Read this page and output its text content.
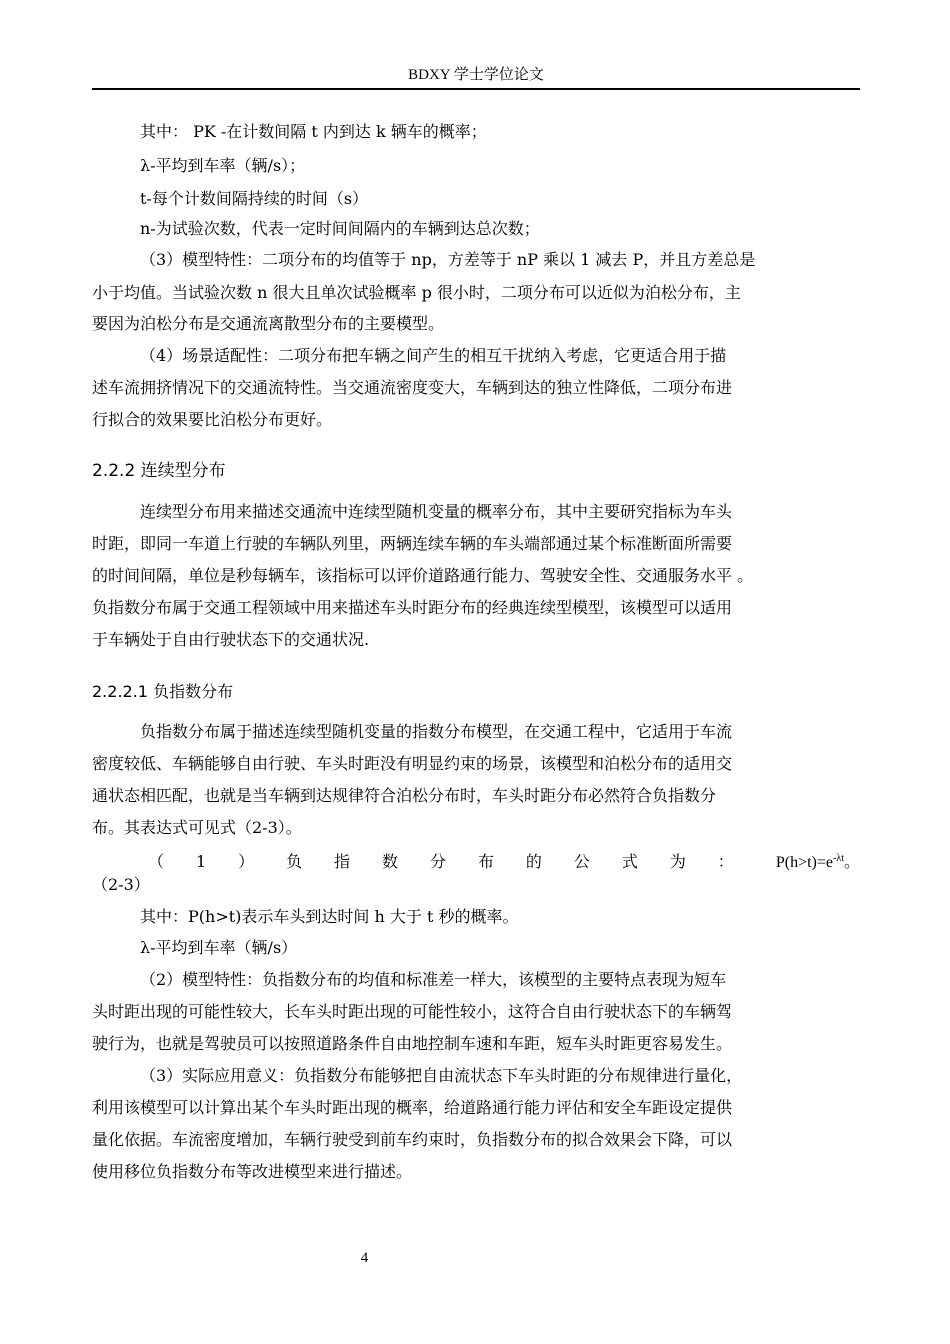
BDXY 学士学位论文
其中： PK -在计数间隔 t 内到达 k 辆车的概率；
λ-平均到车率（辆/s）；
t-每个计数间隔持续的时间（s）
n-为试验次数，代表一定时间间隔内的车辆到达总次数；
（3）模型特性：二项分布的均值等于 np，方差等于 nP 乘以 1 减去 P，并且方差总是
小于均值。当试验次数 n 很大且单次试验概率 p 很小时，二项分布可以近似为泊松分布，主
要因为泊松分布是交通流离散型分布的主要模型。
（4）场景适配性：二项分布把车辆之间产生的相互干扰纳入考虑，它更适合用于描
述车流拥挤情况下的交通流特性。当交通流密度变大，车辆到达的独立性降低，二项分布进
行拟合的效果要比泊松分布更好。
2.2.2 连续型分布
连续型分布用来描述交通流中连续型随机变量的概率分布，其中主要研究指标为车头
时距，即同一车道上行驶的车辆队列里，两辆连续车辆的车头端部通过某个标准断面所需要
的时间间隔，单位是秒每辆车，该指标可以评价道路通行能力、驾驶安全性、交通服务水平 。
负指数分布属于交通工程领域中用来描述车头时距分布的经典连续型模型，该模型可以适用
于车辆处于自由行驶状态下的交通状况.
2.2.2.1 负指数分布
负指数分布属于描述连续型随机变量的指数分布模型，在交通工程中，它适用于车流
密度较低、车辆能够自由行驶、车头时距没有明显约束的场景，该模型和泊松分布的适用交
通状态相匹配，也就是当车辆到达规律符合泊松分布时，车头时距分布必然符合负指数分
布。其表达式可见式（2-3）。
（ 1 ） 负 指 数 分 布 的 公 式 为 ：	$P(h>t)=e^{-\lambda t}$。
（2-3）
其中：P(h>t)表示车头到达时间 h 大于 t 秒的概率。
λ-平均到车率（辆/s）
（2）模型特性：负指数分布的均值和标准差一样大，该模型的主要特点表现为短车
头时距出现的可能性较大，长车头时距出现的可能性较小，这符合自由行驶状态下的车辆驾
驶行为，也就是驾驶员可以按照道路条件自由地控制车速和车距，短车头时距更容易发生。
（3）实际应用意义：负指数分布能够把自由流状态下车头时距的分布规律进行量化，
利用该模型可以计算出某个车头时距出现的概率，给道路通行能力评估和安全车距设定提供
量化依据。车流密度增加，车辆行驶受到前车约束时，负指数分布的拟合效果会下降，可以
使用移位负指数分布等改进模型来进行描述。
4
